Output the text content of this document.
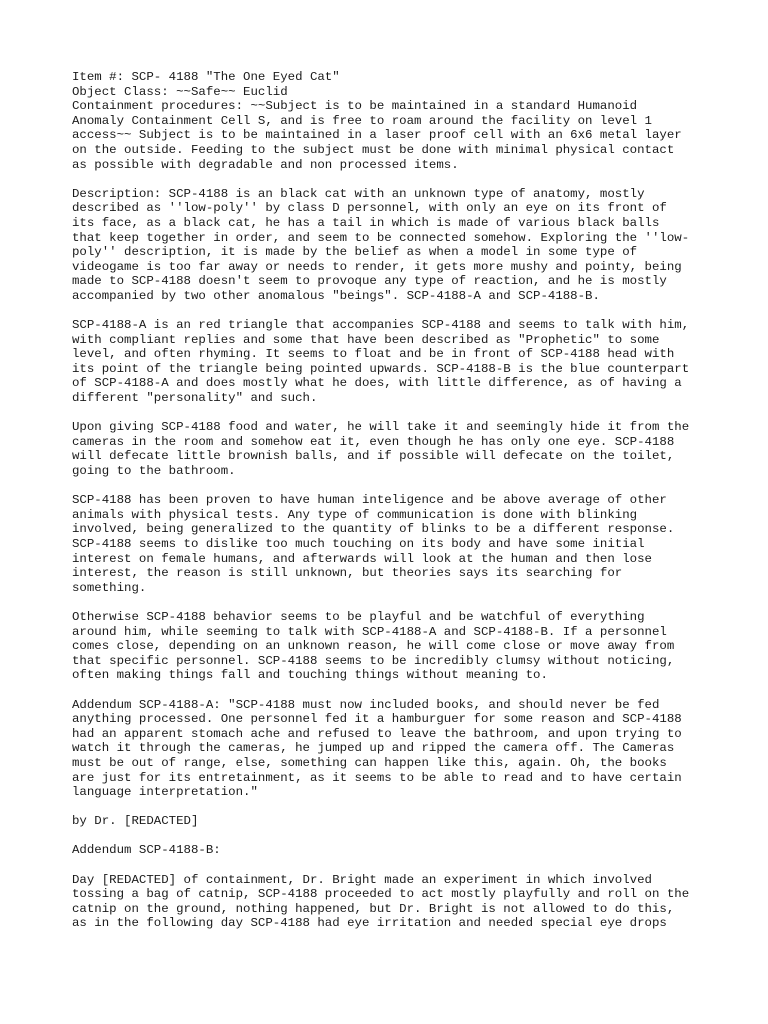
Item #: SCP- 4188 "The One Eyed Cat"

Object Class: ~~Safe~~ Euclid

Containment procedures: ~~Subject is to be maintained in a standard Humanoid
Anomaly Containment Cell S, and is free to roam around the facility on level 1
access~~ Subject is to be maintained in a laser proof cell with an 6x6 metal layer
on the outside. Feeding to the subject must be done with minimal physical contact
as possible with degradable and non processed items.

Description: SCP-4188 is an black cat with an unknown type of anatomy, mostly
described as ''low-poly'' by class D personnel, with only an eye on its front of
its face, as a black cat, he has a tail in which is made of various black balls
that keep together in order, and seem to be connected somehow. Exploring the ''low-
poly'' description, it is made by the belief as when a model in some type of
videogame is too far away or needs to render, it gets more mushy and pointy, being
made to SCP-4188 doesn't seem to provoque any type of reaction, and he is mostly
accompanied by two other anomalous "beings". SCP-4188-A and SCP-4188-B.

SCP-4188-A is an red triangle that accompanies SCP-4188 and seems to talk with him,
with compliant replies and some that have been described as "Prophetic" to some
level, and often rhyming. It seems to float and be in front of SCP-4188 head with
its point of the triangle being pointed upwards. SCP-4188-B is the blue counterpart
of SCP-4188-A and does mostly what he does, with little difference, as of having a
different "personality" and such.

Upon giving SCP-4188 food and water, he will take it and seemingly hide it from the
cameras in the room and somehow eat it, even though he has only one eye. SCP-4188
will defecate little brownish balls, and if possible will defecate on the toilet,
going to the bathroom.

SCP-4188 has been proven to have human inteligence and be above average of other
animals with physical tests. Any type of communication is done with blinking
involved, being generalized to the quantity of blinks to be a different response.
SCP-4188 seems to dislike too much touching on its body and have some initial
interest on female humans, and afterwards will look at the human and then lose
interest, the reason is still unknown, but theories says its searching for
something.

Otherwise SCP-4188 behavior seems to be playful and be watchful of everything
around him, while seeming to talk with SCP-4188-A and SCP-4188-B. If a personnel
comes close, depending on an unknown reason, he will come close or move away from
that specific personnel. SCP-4188 seems to be incredibly clumsy without noticing,
often making things fall and touching things without meaning to.

Addendum SCP-4188-A: "SCP-4188 must now included books, and should never be fed
anything processed. One personnel fed it a hamburguer for some reason and SCP-4188
had an apparent stomach ache and refused to leave the bathroom, and upon trying to
watch it through the cameras, he jumped up and ripped the camera off. The Cameras
must be out of range, else, something can happen like this, again. Oh, the books
are just for its entretainment, as it seems to be able to read and to have certain
language interpretation."

by Dr. [REDACTED]

Addendum SCP-4188-B:

Day [REDACTED] of containment, Dr. Bright made an experiment in which involved
tossing a bag of catnip, SCP-4188 proceeded to act mostly playfully and roll on the
catnip on the ground, nothing happened, but Dr. Bright is not allowed to do this,
as in the following day SCP-4188 had eye irritation and needed special eye drops
